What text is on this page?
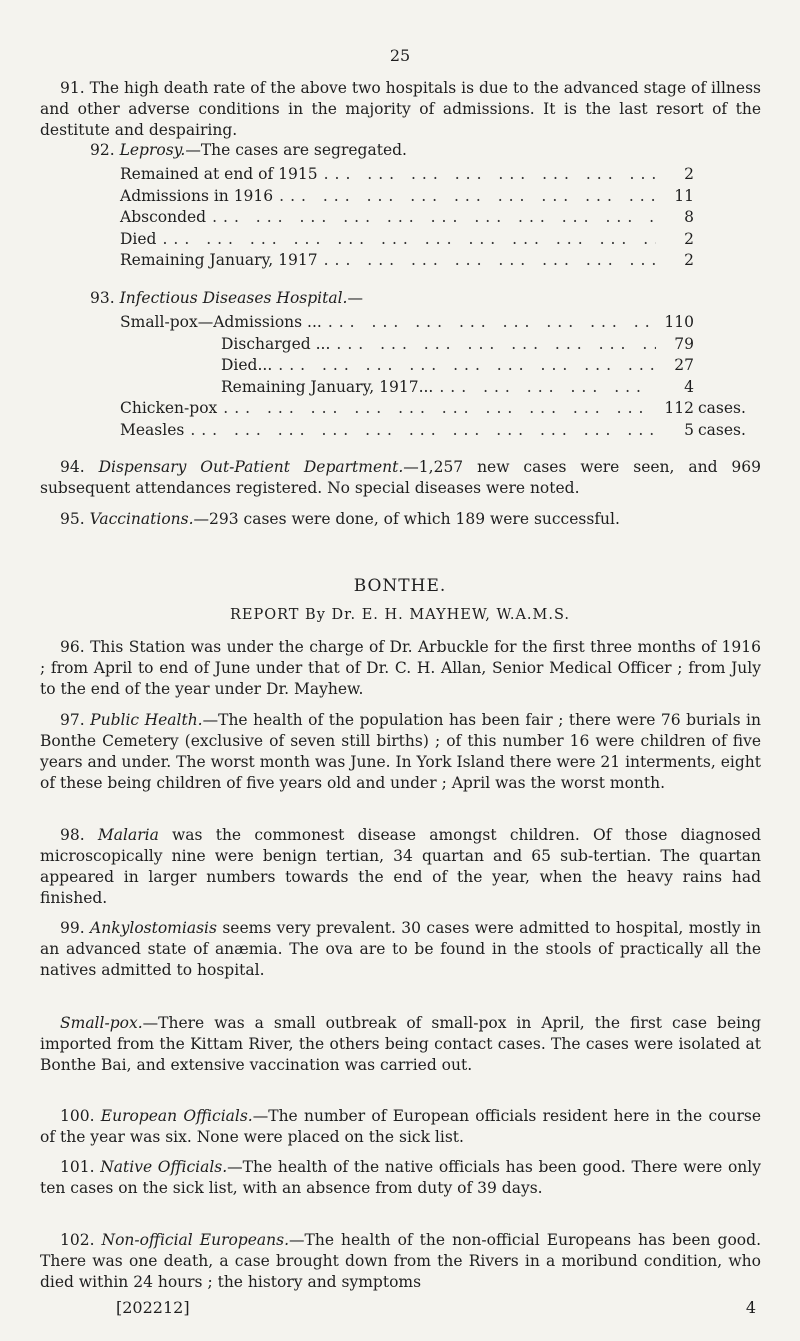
25
91. The high death rate of the above two hospitals is due to the advanced stage of illness and other adverse conditions in the majority of admissions. It is the last resort of the destitute and despairing.
92. Leprosy.—The cases are segregated.
Remained at end of 1915 ... .	2
Admissions in 1916 ... .	11
Absconded ... .	8
Died ... .	2
Remaining January, 1917 ... .	2
93. Infectious Diseases Hospital.—
Small-pox—Admissions ... ... .	110
Discharged ... ... .	79
Died... ... .	27
Remaining January, 1917... ... .	4
Chicken-pox ... .	112 cases.
Measles ... .	5 cases.
94. Dispensary Out-Patient Department.—1,257 new cases were seen, and 969 subsequent attendances registered. No special diseases were noted.
95. Vaccinations.—293 cases were done, of which 189 were successful.
BONTHE.
REPORT By Dr. E. H. MAYHEW, W.A.M.S.
96. This Station was under the charge of Dr. Arbuckle for the first three months of 1916 ; from April to end of June under that of Dr. C. H. Allan, Senior Medical Officer ; from July to the end of the year under Dr. Mayhew.
97. Public Health.—The health of the population has been fair ; there were 76 burials in Bonthe Cemetery (exclusive of seven still births) ; of this number 16 were children of five years and under. The worst month was June. In York Island there were 21 interments, eight of these being children of five years old and under ; April was the worst month.
98. Malaria was the commonest disease amongst children. Of those diagnosed microscopically nine were benign tertian, 34 quartan and 65 sub-tertian. The quartan appeared in larger numbers towards the end of the year, when the heavy rains had finished.
99. Ankylostomiasis seems very prevalent. 30 cases were admitted to hospital, mostly in an advanced state of anæmia. The ova are to be found in the stools of practically all the natives admitted to hospital.
Small-pox.—There was a small outbreak of small-pox in April, the first case being imported from the Kittam River, the others being contact cases. The cases were isolated at Bonthe Bai, and extensive vaccination was carried out.
100. European Officials.—The number of European officials resident here in the course of the year was six. None were placed on the sick list.
101. Native Officials.—The health of the native officials has been good. There were only ten cases on the sick list, with an absence from duty of 39 days.
102. Non-official Europeans.—The health of the non-official Europeans has been good. There was one death, a case brought down from the Rivers in a moribund condition, who died within 24 hours ; the history and symptoms
[202212]	4
